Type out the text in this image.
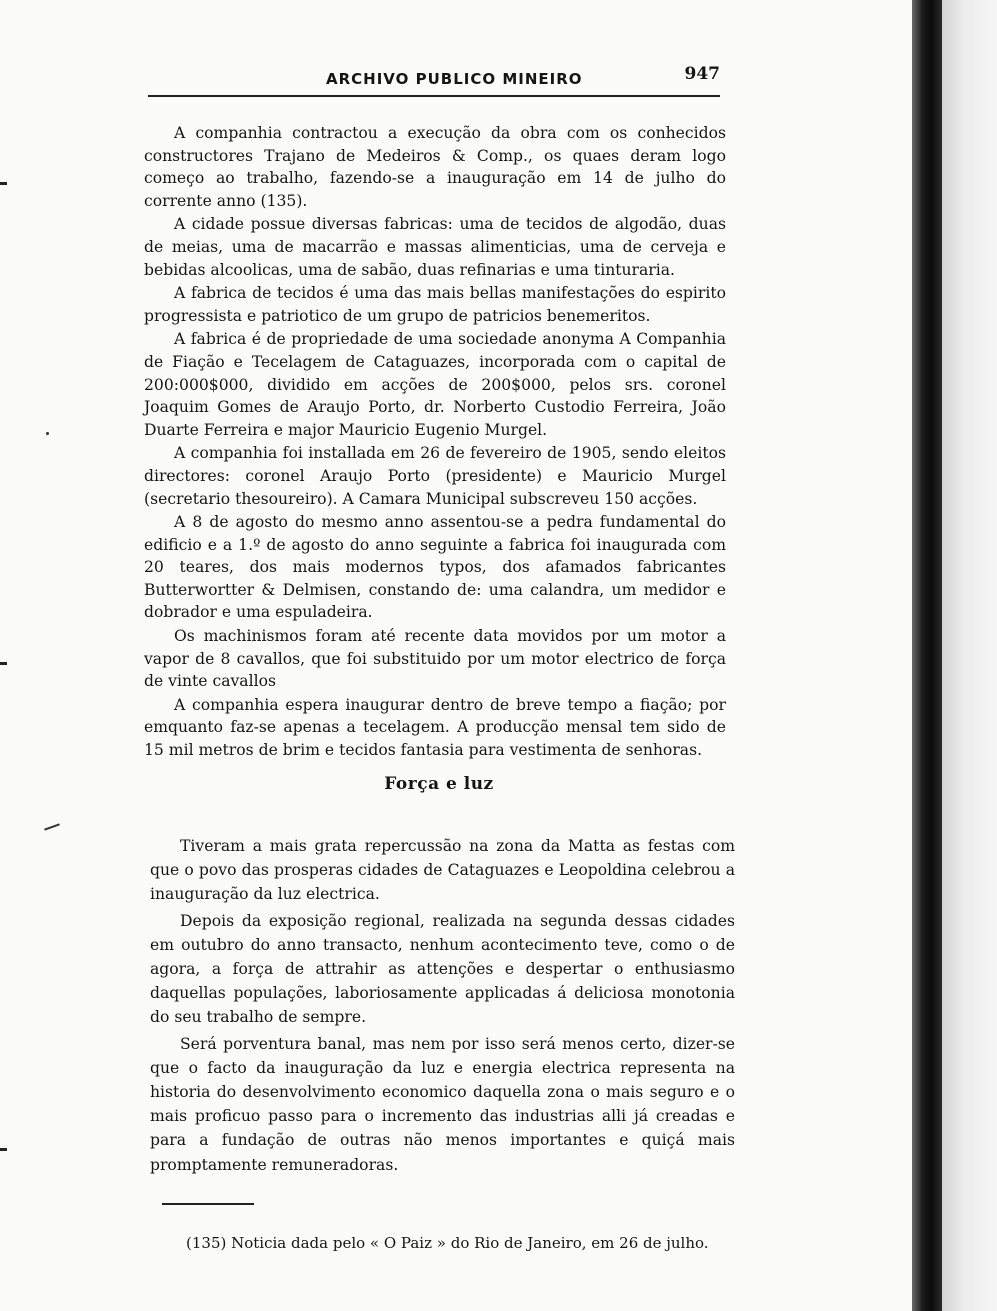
ARCHIVO PUBLICO MINEIRO	947

A companhia contractou a execução da obra com os conhecidos constructores Trajano de Medeiros & Comp., os quaes deram logo começo ao trabalho, fazendo-se a inauguração em 14 de julho do corrente anno (135).

A cidade possue diversas fabricas: uma de tecidos de algodão, duas de meias, uma de macarrão e massas alimenticias, uma de cerveja e bebidas alcoolicas, uma de sabão, duas refinarias e uma tinturaria.

A fabrica de tecidos é uma das mais bellas manifestações do espirito progressista e patriotico de um grupo de patricios benemeritos.

A fabrica é de propriedade de uma sociedade anonyma A Companhia de Fiação e Tecelagem de Cataguazes, incorporada com o capital de 200:000$000, dividido em acções de 200$000, pelos srs. coronel Joaquim Gomes de Araujo Porto, dr. Norberto Custodio Ferreira, João Duarte Ferreira e major Mauricio Eugenio Murgel.

A companhia foi installada em 26 de fevereiro de 1905, sendo eleitos directores: coronel Araujo Porto (presidente) e Mauricio Murgel (secretario thesoureiro). A Camara Municipal subscreveu 150 acções.

A 8 de agosto do mesmo anno assentou-se a pedra fundamental do edificio e a 1.º de agosto do anno seguinte a fabrica foi inaugurada com 20 teares, dos mais modernos typos, dos afamados fabricantes Butterwortter & Delmisen, constando de: uma calandra, um medidor e dobrador e uma espuladeira.

Os machinismos foram até recente data movidos por um motor a vapor de 8 cavallos, que foi substituido por um motor electrico de força de vinte cavallos

A companhia espera inaugurar dentro de breve tempo a fiação; por emquanto faz-se apenas a tecelagem. A producção mensal tem sido de 15 mil metros de brim e tecidos fantasia para vestimenta de senhoras.

Força e luz

Tiveram a mais grata repercussão na zona da Matta as festas com que o povo das prosperas cidades de Cataguazes e Leopoldina celebrou a inauguração da luz electrica.

Depois da exposição regional, realizada na segunda dessas cidades em outubro do anno transacto, nenhum acontecimento teve, como o de agora, a força de attrahir as attenções e despertar o enthusiasmo daquellas populações, laboriosamente applicadas á deliciosa monotonia do seu trabalho de sempre.

Será porventura banal, mas nem por isso será menos certo, dizer-se que o facto da inauguração da luz e energia electrica representa na historia do desenvolvimento economico daquella zona o mais seguro e o mais proficuo passo para o incremento das industrias alli já creadas e para a fundação de outras não menos importantes e quiçá mais promptamente remuneradoras.

(135) Noticia dada pelo « O Paiz » do Rio de Janeiro, em 26 de julho.
